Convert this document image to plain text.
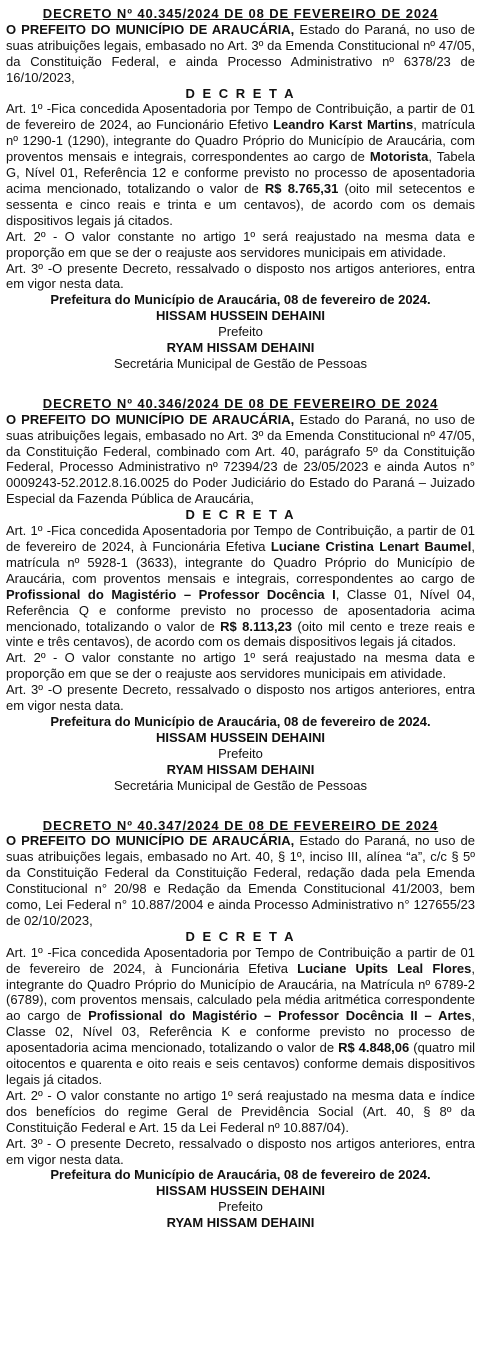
DECRETO Nº 40.345/2024 DE 08 DE FEVEREIRO DE 2024
O PREFEITO DO MUNICÍPIO DE ARAUCÁRIA, Estado do Paraná, no uso de suas atribuições legais, embasado no Art. 3º da Emenda Constitucional nº 47/05, da Constituição Federal, e ainda Processo Administrativo nº 6378/23 de 16/10/2023,
D E C R E T A
Art. 1º -Fica concedida Aposentadoria por Tempo de Contribuição, a partir de 01 de fevereiro de 2024, ao Funcionário Efetivo Leandro Karst Martins, matrícula nº 1290-1 (1290), integrante do Quadro Próprio do Município de Araucária, com proventos mensais e integrais, correspondentes ao cargo de Motorista, Tabela G, Nível 01, Referência 12 e conforme previsto no processo de aposentadoria acima mencionado, totalizando o valor de R$ 8.765,31 (oito mil setecentos e sessenta e cinco reais e trinta e um centavos), de acordo com os demais dispositivos legais já citados.
Art. 2º - O valor constante no artigo 1º será reajustado na mesma data e proporção em que se der o reajuste aos servidores municipais em atividade.
Art. 3º -O presente Decreto, ressalvado o disposto nos artigos anteriores, entra em vigor nesta data.
Prefeitura do Município de Araucária, 08 de fevereiro de 2024.
HISSAM HUSSEIN DEHAINI
Prefeito
RYAM HISSAM DEHAINI
Secretária Municipal de Gestão de Pessoas
DECRETO Nº 40.346/2024 DE 08 DE FEVEREIRO DE 2024
O PREFEITO DO MUNICÍPIO DE ARAUCÁRIA, Estado do Paraná, no uso de suas atribuições legais, embasado no Art. 3º da Emenda Constitucional nº 47/05, da Constituição Federal, combinado com Art. 40, parágrafo 5º da Constituição Federal, Processo Administrativo nº 72394/23 de 23/05/2023 e ainda Autos n° 0009243-52.2012.8.16.0025 do Poder Judiciário do Estado do Paraná – Juizado Especial da Fazenda Pública de Araucária,
D E C R E T A
Art. 1º -Fica concedida Aposentadoria por Tempo de Contribuição, a partir de 01 de fevereiro de 2024, à Funcionária Efetiva Luciane Cristina Lenart Baumel, matrícula nº 5928-1 (3633), integrante do Quadro Próprio do Município de Araucária, com proventos mensais e integrais, correspondentes ao cargo de Profissional do Magistério – Professor Docência I, Classe 01, Nível 04, Referência Q e conforme previsto no processo de aposentadoria acima mencionado, totalizando o valor de R$ 8.113,23 (oito mil cento e treze reais e vinte e três centavos), de acordo com os demais dispositivos legais já citados.
Art. 2º - O valor constante no artigo 1º será reajustado na mesma data e proporção em que se der o reajuste aos servidores municipais em atividade.
Art. 3º -O presente Decreto, ressalvado o disposto nos artigos anteriores, entra em vigor nesta data.
Prefeitura do Município de Araucária, 08 de fevereiro de 2024.
HISSAM HUSSEIN DEHAINI
Prefeito
RYAM HISSAM DEHAINI
Secretária Municipal de Gestão de Pessoas
DECRETO Nº 40.347/2024 DE 08 DE FEVEREIRO DE 2024
O PREFEITO DO MUNICÍPIO DE ARAUCÁRIA, Estado do Paraná, no uso de suas atribuições legais, embasado no Art. 40, § 1º, inciso III, alínea “a”, c/c § 5º da Constituição Federal da Constituição Federal, redação dada pela Emenda Constitucional n° 20/98 e Redação da Emenda Constitucional 41/2003, bem como, Lei Federal n° 10.887/2004 e ainda Processo Administrativo n° 127655/23 de 02/10/2023,
D E C R E T A
Art. 1º -Fica concedida Aposentadoria por Tempo de Contribuição a partir de 01 de fevereiro de 2024, à Funcionária Efetiva Luciane Upits Leal Flores, integrante do Quadro Próprio do Município de Araucária, na Matrícula nº 6789-2 (6789), com proventos mensais, calculado pela média aritmética correspondente ao cargo de Profissional do Magistério – Professor Docência II – Artes, Classe 02, Nível 03, Referência K e conforme previsto no processo de aposentadoria acima mencionado, totalizando o valor de R$ 4.848,06 (quatro mil oitocentos e quarenta e oito reais e seis centavos) conforme demais dispositivos legais já citados.
Art. 2º - O valor constante no artigo 1º será reajustado na mesma data e índice dos benefícios do regime Geral de Previdência Social (Art. 40, § 8º da Constituição Federal e Art. 15 da Lei Federal nº 10.887/04).
Art. 3º - O presente Decreto, ressalvado o disposto nos artigos anteriores, entra em vigor nesta data.
Prefeitura do Município de Araucária, 08 de fevereiro de 2024.
HISSAM HUSSEIN DEHAINI
Prefeito
RYAM HISSAM DEHAINI
